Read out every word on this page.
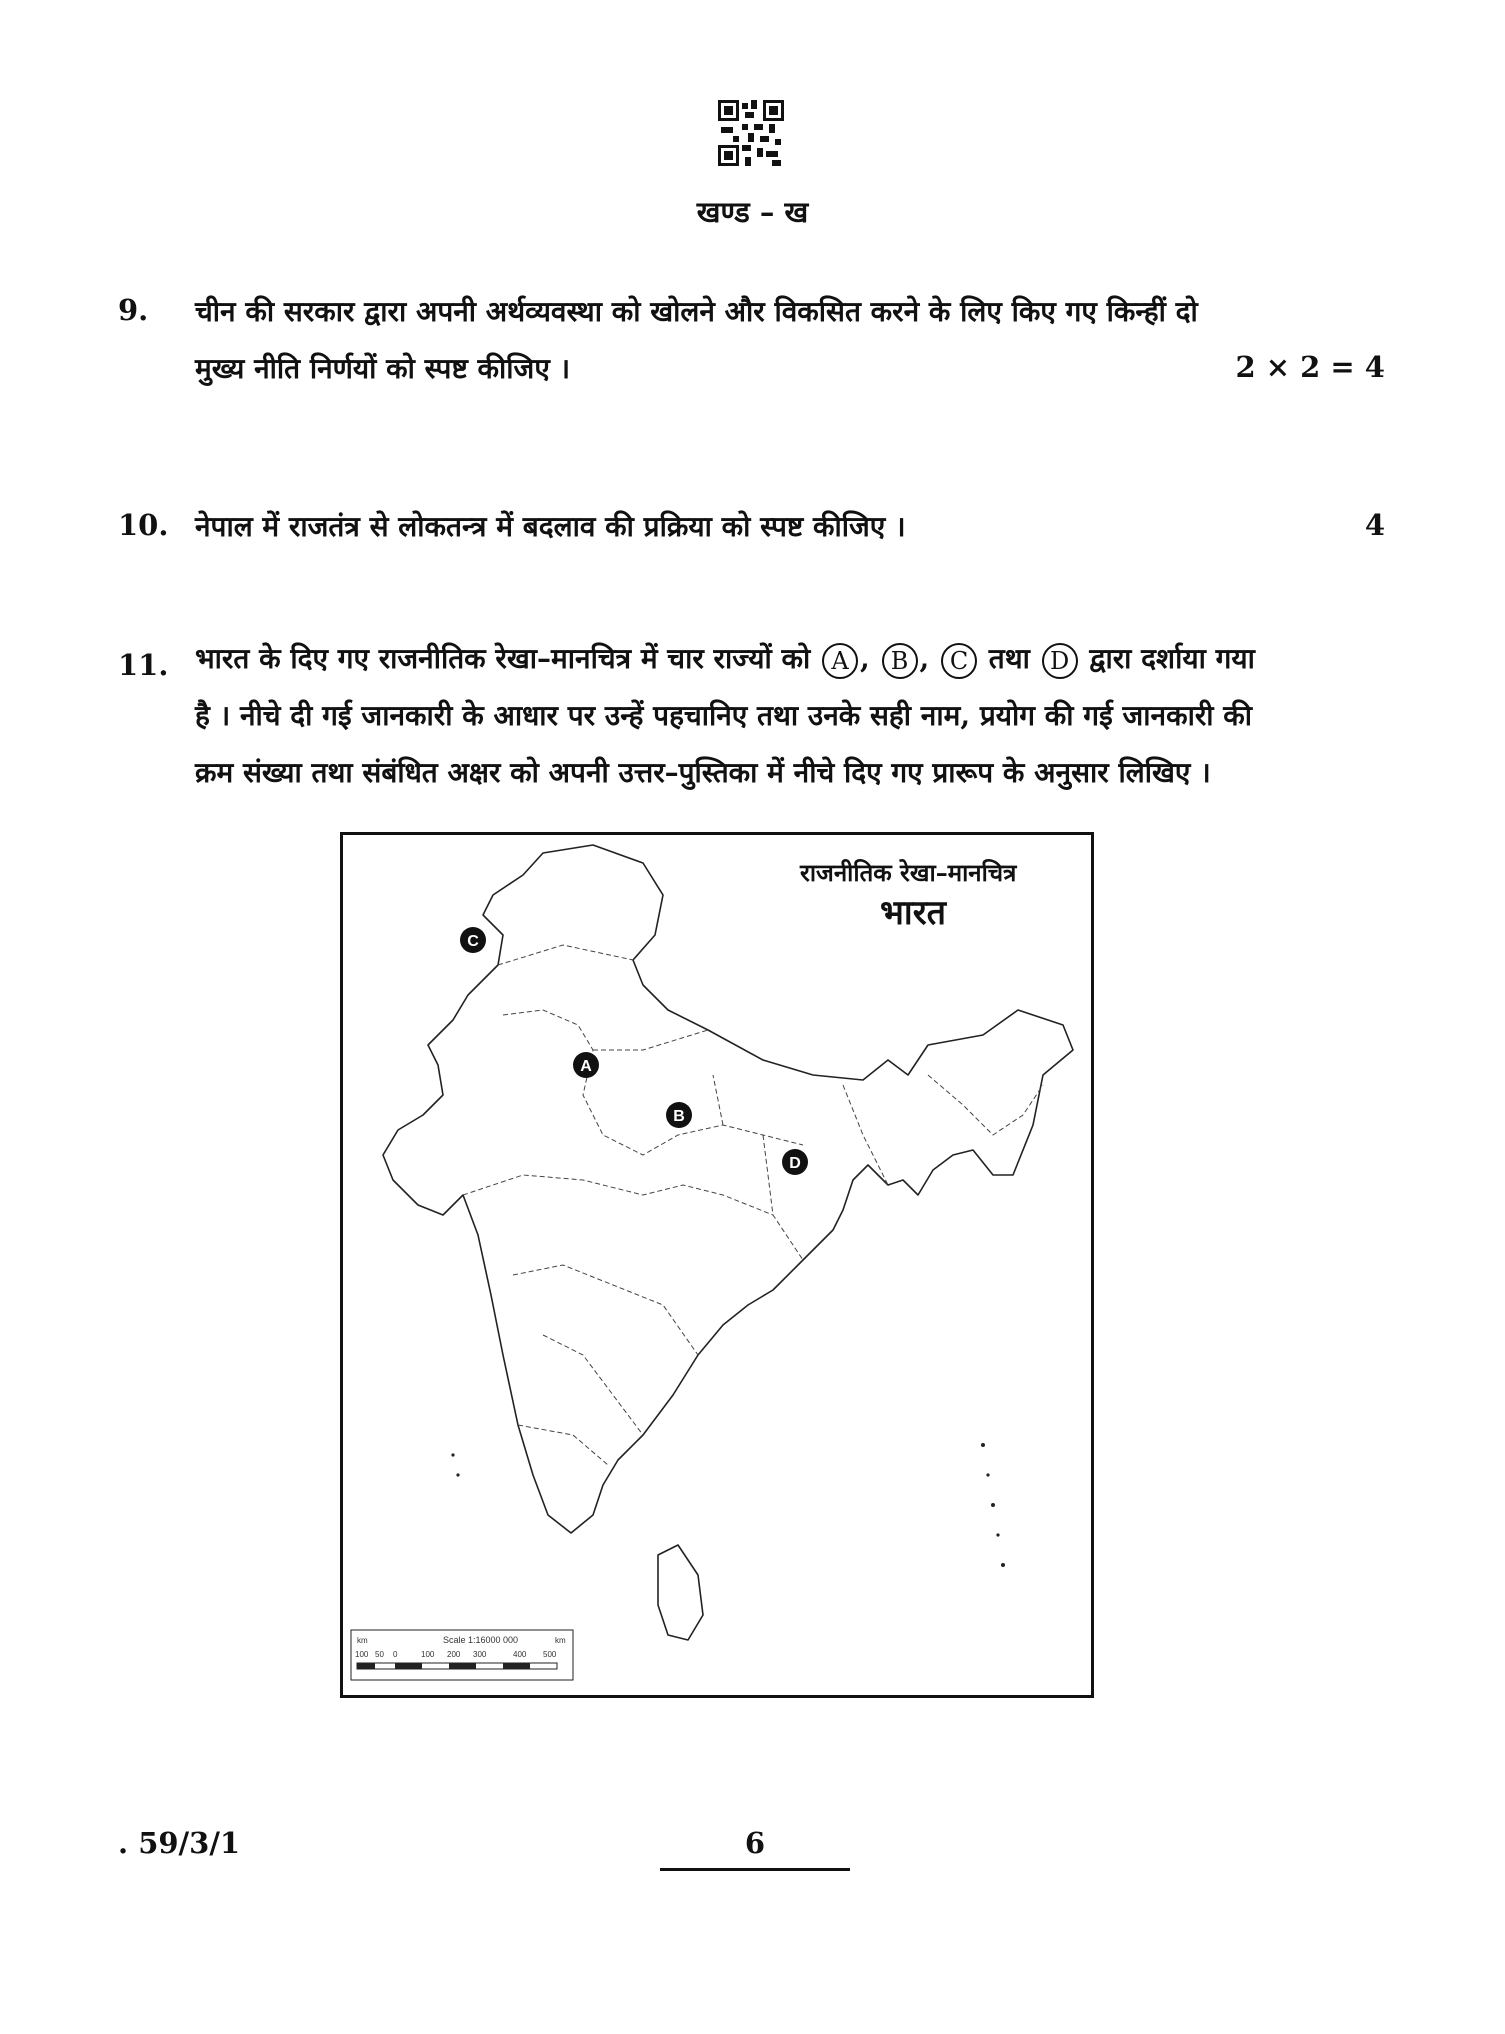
खण्ड – ख
9. चीन की सरकार द्वारा अपनी अर्थव्यवस्था को खोलने और विकसित करने के लिए किए गए किन्हीं दो
मुख्य नीति निर्णयों को स्पष्ट कीजिए ।	2 × 2 = 4
10. नेपाल में राजतंत्र से लोकतन्त्र में बदलाव की प्रक्रिया को स्पष्ट कीजिए ।	4
11. भारत के दिए गए राजनीतिक रेखा–मानचित्र में चार राज्यों को A , B , C तथा D द्वारा दर्शाया गया
है । नीचे दी गई जानकारी के आधार पर उन्हें पहचानिए तथा उनके सही नाम, प्रयोग की गई जानकारी की
क्रम संख्या तथा संबंधित अक्षर को अपनी उत्तर–पुस्तिका में नीचे दिए गए प्रारूप के अनुसार लिखिए ।
राजनीतिक रेखा–मानचित्र
भारत
C
A
B
D
Scale 1:16000 000
km	km
100 50 0	100 200 300	400 500
. 59/3/1	6
